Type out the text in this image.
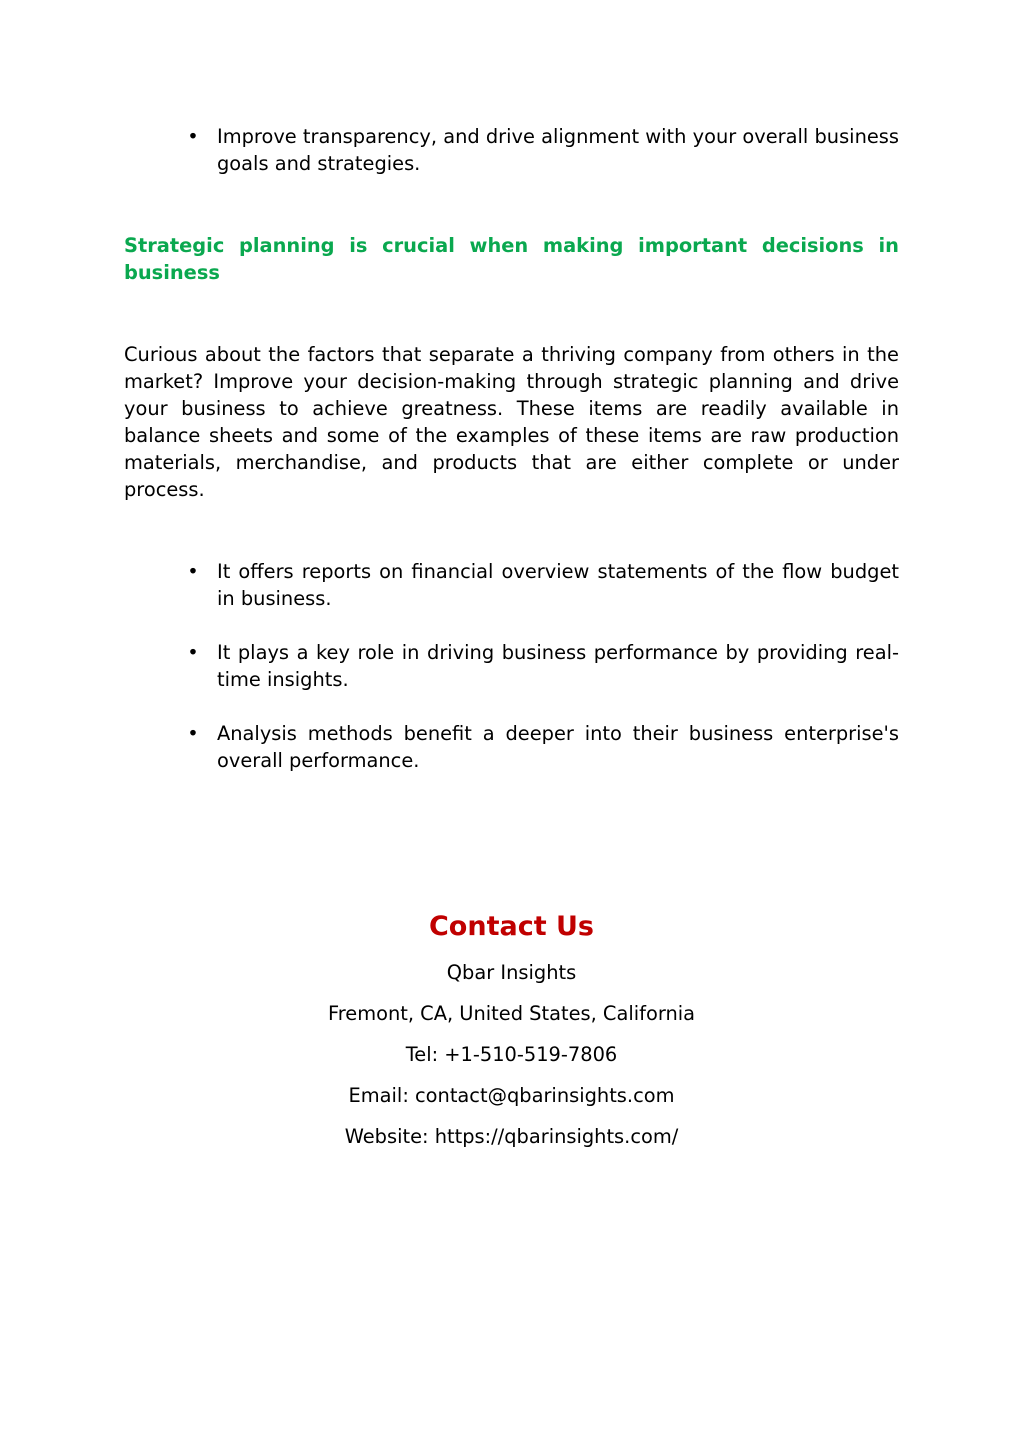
• Improve transparency, and drive alignment with your overall business goals and strategies.

Strategic planning is crucial when making important decisions in business

Curious about the factors that separate a thriving company from others in the market? Improve your decision-making through strategic planning and drive your business to achieve greatness. These items are readily available in balance sheets and some of the examples of these items are raw production materials, merchandise, and products that are either complete or under process.

• It offers reports on financial overview statements of the flow budget in business.
• It plays a key role in driving business performance by providing real-time insights.
• Analysis methods benefit a deeper into their business enterprise's overall performance.
Contact Us

Qbar Insights

Fremont, CA, United States, California

Tel: +1-510-519-7806

Email: contact@qbarinsights.com

Website: https://qbarinsights.com/
